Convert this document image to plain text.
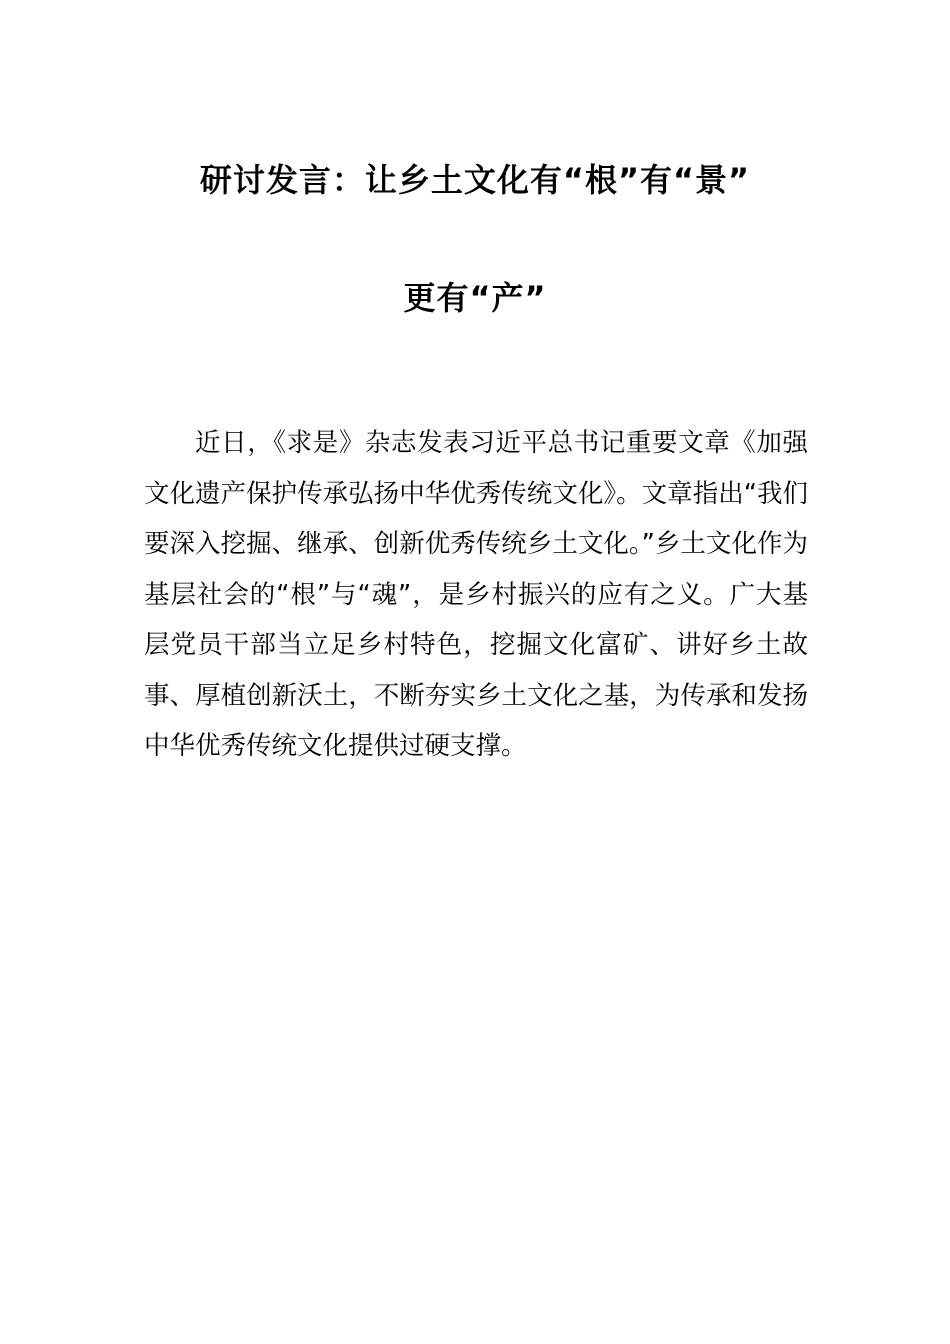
研讨发言：让乡土文化有“根”有“景”
更有“产”

近日，《求是》杂志发表习近平总书记重要文章《加强文化遗产保护传承弘扬中华优秀传统文化》。文章指出“我们要深入挖掘、继承、创新优秀传统乡土文化。”乡土文化作为基层社会的“根”与“魂”，是乡村振兴的应有之义。广大基层党员干部当立足乡村特色，挖掘文化富矿、讲好乡土故事、厚植创新沃土，不断夯实乡土文化之基，为传承和发扬中华优秀传统文化提供过硬支撑。
